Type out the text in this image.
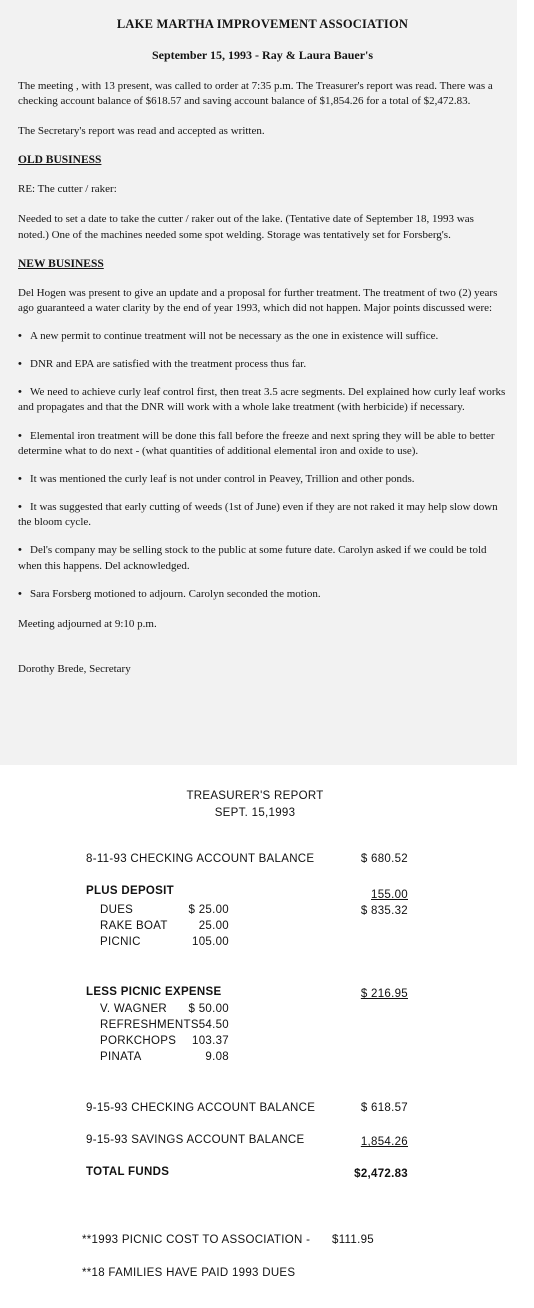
LAKE MARTHA IMPROVEMENT ASSOCIATION
September 15, 1993 - Ray & Laura Bauer's
The meeting , with 13 present, was called to order at 7:35 p.m. The Treasurer's report was read. There was a checking account balance of $618.57 and saving account balance of $1,854.26 for a total of $2,472.83.
The Secretary's report was read and accepted as written.
OLD BUSINESS
RE: The cutter / raker:
Needed to set a date to take the cutter / raker out of the lake. (Tentative date of September 18, 1993 was noted.) One of the machines needed some spot welding. Storage was tentatively set for Forsberg's.
NEW BUSINESS
Del Hogen was present to give an update and a proposal for further treatment. The treatment of two (2) years ago guaranteed a water clarity by the end of year 1993, which did not happen. Major points discussed were:
• A new permit to continue treatment will not be necessary as the one in existence will suffice.
• DNR and EPA are satisfied with the treatment process thus far.
• We need to achieve curly leaf control first, then treat 3.5 acre segments. Del explained how curly leaf works and propagates and that the DNR will work with a whole lake treatment (with herbicide) if necessary.
• Elemental iron treatment will be done this fall before the freeze and next spring they will be able to better determine what to do next - (what quantities of additional elemental iron and oxide to use).
• It was mentioned the curly leaf is not under control in Peavey, Trillion and other ponds.
• It was suggested that early cutting of weeds (1st of June) even if they are not raked it may help slow down the bloom cycle.
• Del's company may be selling stock to the public at some future date. Carolyn asked if we could be told when this happens. Del acknowledged.
• Sara Forsberg motioned to adjourn. Carolyn seconded the motion.
Meeting adjourned at 9:10 p.m.
Dorothy Brede, Secretary
TREASURER'S REPORT
SEPT. 15,1993
8-11-93 CHECKING ACCOUNT BALANCE	$ 680.52
PLUS DEPOSIT	155.00
$ 835.32
DUES	$ 25.00
RAKE BOAT	25.00
PICNIC	105.00
LESS PICNIC EXPENSE	$ 216.95
V. WAGNER	$ 50.00
REFRESHMENTS 54.50
PORKCHOPS	103.37
PINATA	9.08
9-15-93 CHECKING ACCOUNT BALANCE	$ 618.57
9-15-93 SAVINGS ACCOUNT BALANCE	1,854.26
TOTAL FUNDS	$2,472.83
**1993 PICNIC COST TO ASSOCIATION - $111.95
**18 FAMILIES HAVE PAID 1993 DUES
